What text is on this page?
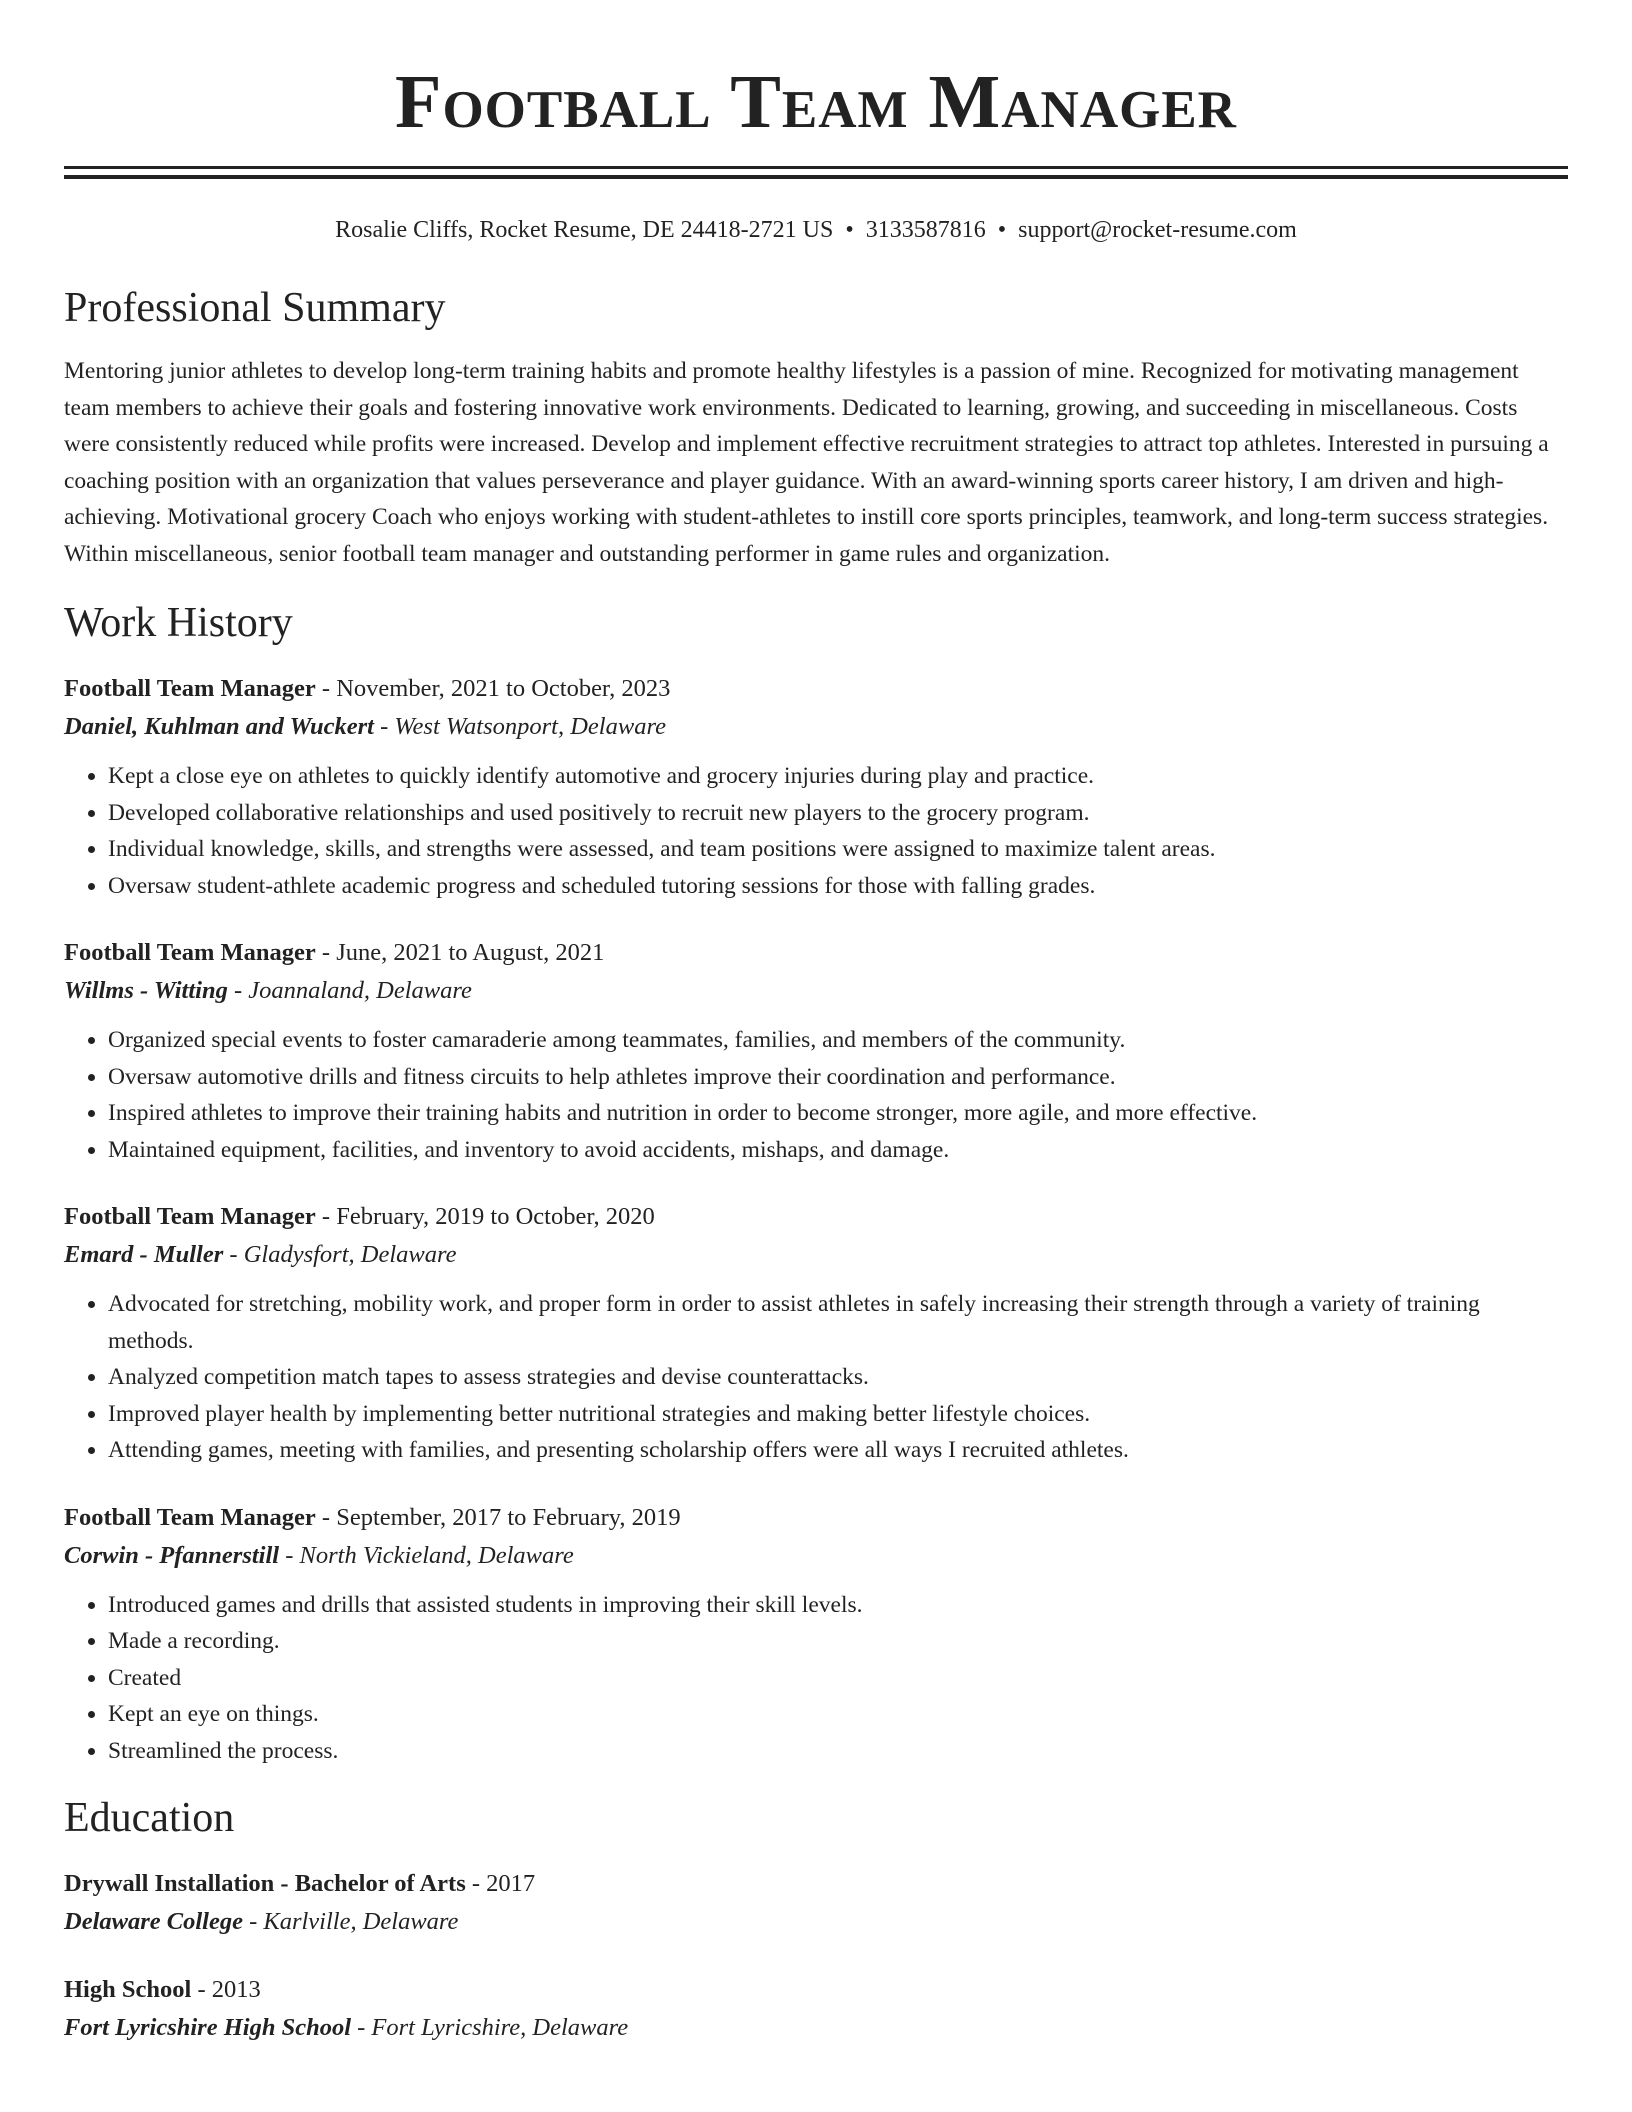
Football Team Manager
Rosalie Cliffs, Rocket Resume, DE 24418-2721 US • 3133587816 • support@rocket-resume.com
Professional Summary
Mentoring junior athletes to develop long-term training habits and promote healthy lifestyles is a passion of mine. Recognized for motivating management team members to achieve their goals and fostering innovative work environments. Dedicated to learning, growing, and succeeding in miscellaneous. Costs were consistently reduced while profits were increased. Develop and implement effective recruitment strategies to attract top athletes. Interested in pursuing a coaching position with an organization that values perseverance and player guidance. With an award-winning sports career history, I am driven and high-achieving. Motivational grocery Coach who enjoys working with student-athletes to instill core sports principles, teamwork, and long-term success strategies. Within miscellaneous, senior football team manager and outstanding performer in game rules and organization.
Work History
Football Team Manager - November, 2021 to October, 2023
Daniel, Kuhlman and Wuckert - West Watsonport, Delaware
• Kept a close eye on athletes to quickly identify automotive and grocery injuries during play and practice.
• Developed collaborative relationships and used positively to recruit new players to the grocery program.
• Individual knowledge, skills, and strengths were assessed, and team positions were assigned to maximize talent areas.
• Oversaw student-athlete academic progress and scheduled tutoring sessions for those with falling grades.
Football Team Manager - June, 2021 to August, 2021
Willms - Witting - Joannaland, Delaware
• Organized special events to foster camaraderie among teammates, families, and members of the community.
• Oversaw automotive drills and fitness circuits to help athletes improve their coordination and performance.
• Inspired athletes to improve their training habits and nutrition in order to become stronger, more agile, and more effective.
• Maintained equipment, facilities, and inventory to avoid accidents, mishaps, and damage.
Football Team Manager - February, 2019 to October, 2020
Emard - Muller - Gladysfort, Delaware
• Advocated for stretching, mobility work, and proper form in order to assist athletes in safely increasing their strength through a variety of training methods.
• Analyzed competition match tapes to assess strategies and devise counterattacks.
• Improved player health by implementing better nutritional strategies and making better lifestyle choices.
• Attending games, meeting with families, and presenting scholarship offers were all ways I recruited athletes.
Football Team Manager - September, 2017 to February, 2019
Corwin - Pfannerstill - North Vickieland, Delaware
• Introduced games and drills that assisted students in improving their skill levels.
• Made a recording.
• Created
• Kept an eye on things.
• Streamlined the process.
Education
Drywall Installation - Bachelor of Arts - 2017
Delaware College - Karlville, Delaware
High School - 2013
Fort Lyricshire High School - Fort Lyricshire, Delaware
